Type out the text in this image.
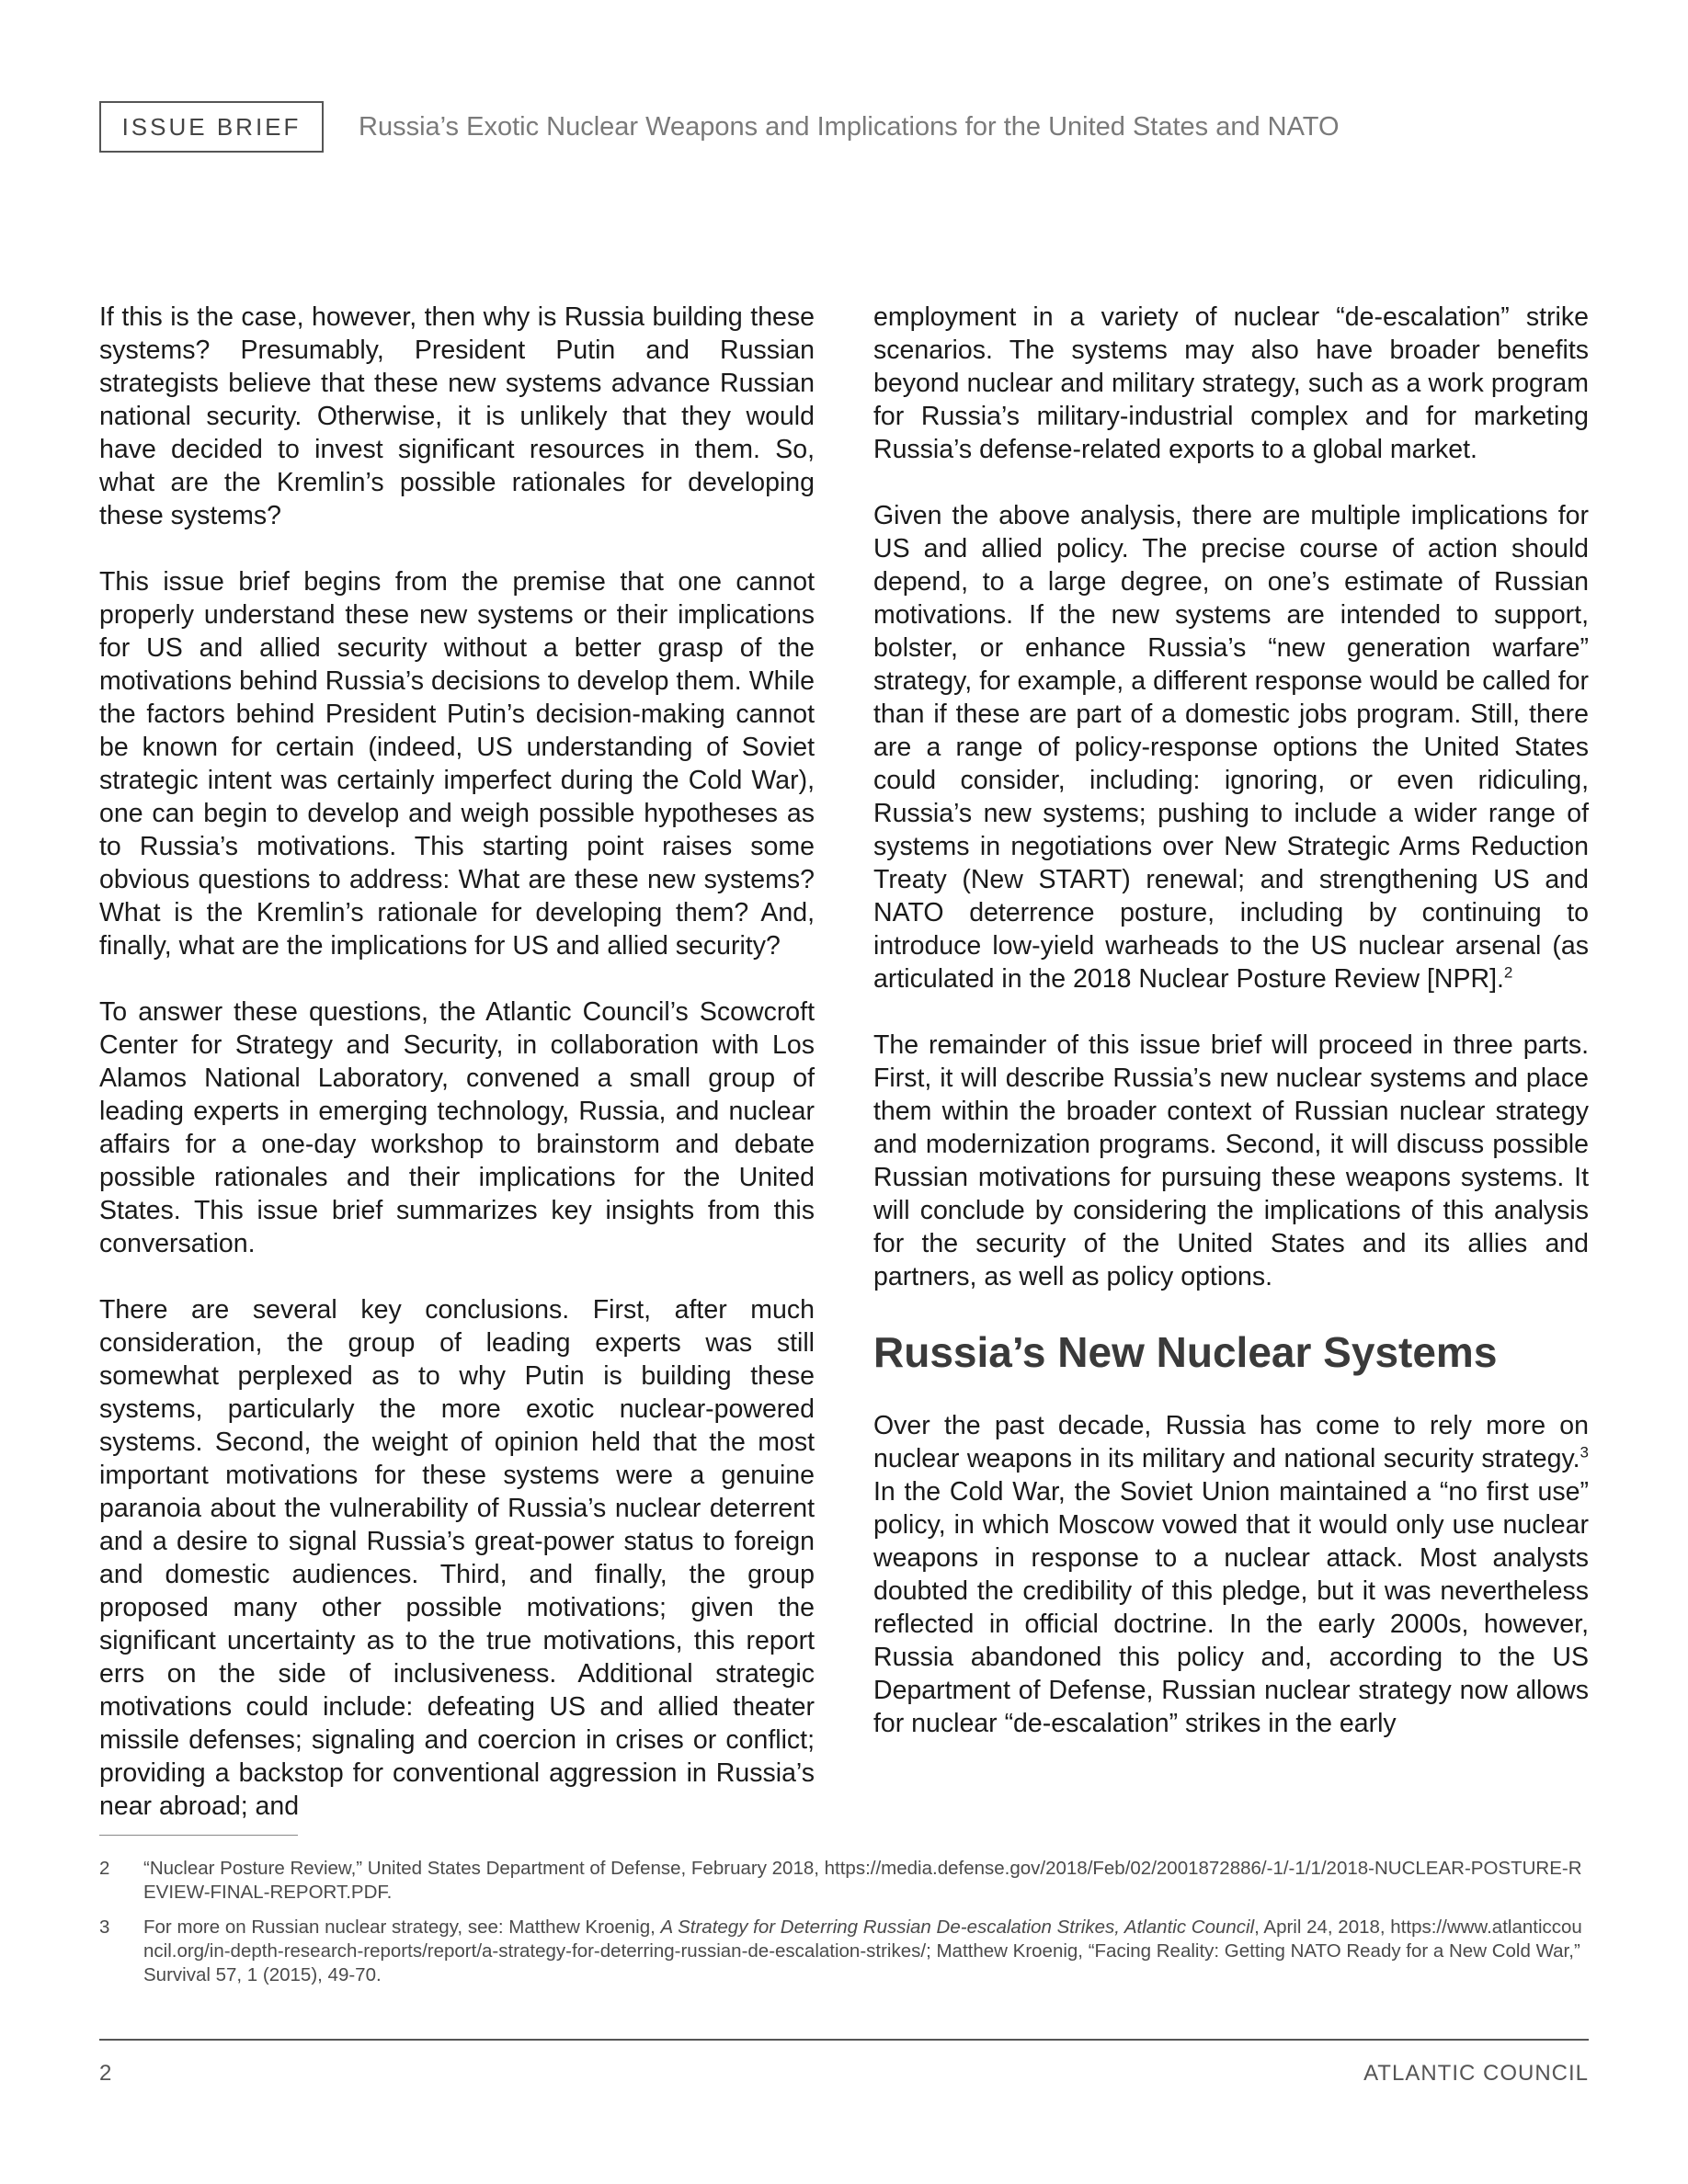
ISSUE BRIEF	Russia’s Exotic Nuclear Weapons and Implications for the United States and NATO

If this is the case, however, then why is Russia building these systems? Presumably, President Putin and Russian strategists believe that these new systems advance Russian national security. Otherwise, it is unlikely that they would have decided to invest significant resources in them. So, what are the Kremlin’s possible rationales for developing these systems?

This issue brief begins from the premise that one cannot properly understand these new systems or their implications for US and allied security without a better grasp of the motivations behind Russia’s decisions to develop them. While the factors behind President Putin’s decision-making cannot be known for certain (indeed, US understanding of Soviet strategic intent was certainly imperfect during the Cold War), one can begin to develop and weigh possible hypotheses as to Russia’s motivations. This starting point raises some obvious questions to address: What are these new systems? What is the Kremlin’s rationale for developing them? And, finally, what are the implications for US and allied security?

To answer these questions, the Atlantic Council’s Scowcroft Center for Strategy and Security, in collaboration with Los Alamos National Laboratory, convened a small group of leading experts in emerging technology, Russia, and nuclear affairs for a one-day workshop to brainstorm and debate possible rationales and their implications for the United States. This issue brief summarizes key insights from this conversation.

There are several key conclusions. First, after much consideration, the group of leading experts was still somewhat perplexed as to why Putin is building these systems, particularly the more exotic nuclear-powered systems. Second, the weight of opinion held that the most important motivations for these systems were a genuine paranoia about the vulnerability of Russia’s nuclear deterrent and a desire to signal Russia’s great-power status to foreign and domestic audiences. Third, and finally, the group proposed many other possible motivations; given the significant uncertainty as to the true motivations, this report errs on the side of inclusiveness. Additional strategic motivations could include: defeating US and allied theater missile defenses; signaling and coercion in crises or conflict; providing a backstop for conventional aggression in Russia’s near abroad; and

employment in a variety of nuclear “de-escalation” strike scenarios. The systems may also have broader benefits beyond nuclear and military strategy, such as a work program for Russia’s military-industrial complex and for marketing Russia’s defense-related exports to a global market.

Given the above analysis, there are multiple implications for US and allied policy. The precise course of action should depend, to a large degree, on one’s estimate of Russian motivations. If the new systems are intended to support, bolster, or enhance Russia’s “new generation warfare” strategy, for example, a different response would be called for than if these are part of a domestic jobs program. Still, there are a range of policy-response options the United States could consider, including: ignoring, or even ridiculing, Russia’s new systems; pushing to include a wider range of systems in negotiations over New Strategic Arms Reduction Treaty (New START) renewal; and strengthening US and NATO deterrence posture, including by continuing to introduce low-yield warheads to the US nuclear arsenal (as articulated in the 2018 Nuclear Posture Review [NPR].$^2$

The remainder of this issue brief will proceed in three parts. First, it will describe Russia’s new nuclear systems and place them within the broader context of Russian nuclear strategy and modernization programs. Second, it will discuss possible Russian motivations for pursuing these weapons systems. It will conclude by considering the implications of this analysis for the security of the United States and its allies and partners, as well as policy options.

Russia’s New Nuclear Systems

Over the past decade, Russia has come to rely more on nuclear weapons in its military and national security strategy.$^3$ In the Cold War, the Soviet Union maintained a “no first use” policy, in which Moscow vowed that it would only use nuclear weapons in response to a nuclear attack. Most analysts doubted the credibility of this pledge, but it was nevertheless reflected in official doctrine. In the early 2000s, however, Russia abandoned this policy and, according to the US Department of Defense, Russian nuclear strategy now allows for nuclear “de-escalation” strikes in the early

2	“Nuclear Posture Review,” United States Department of Defense, February 2018, https://media.defense.gov/2018/Feb/02/2001872886/-1/-1/1/2018-NUCLEAR-POSTURE-REVIEW-FINAL-REPORT.PDF.
3	For more on Russian nuclear strategy, see: Matthew Kroenig, A Strategy for Deterring Russian De-escalation Strikes, Atlantic Council, April 24, 2018, https://www.atlanticcouncil.org/in-depth-research-reports/report/a-strategy-for-deterring-russian-de-escalation-strikes/; Matthew Kroenig, “Facing Reality: Getting NATO Ready for a New Cold War,” Survival 57, 1 (2015), 49-70.
2	ATLANTIC COUNCIL
